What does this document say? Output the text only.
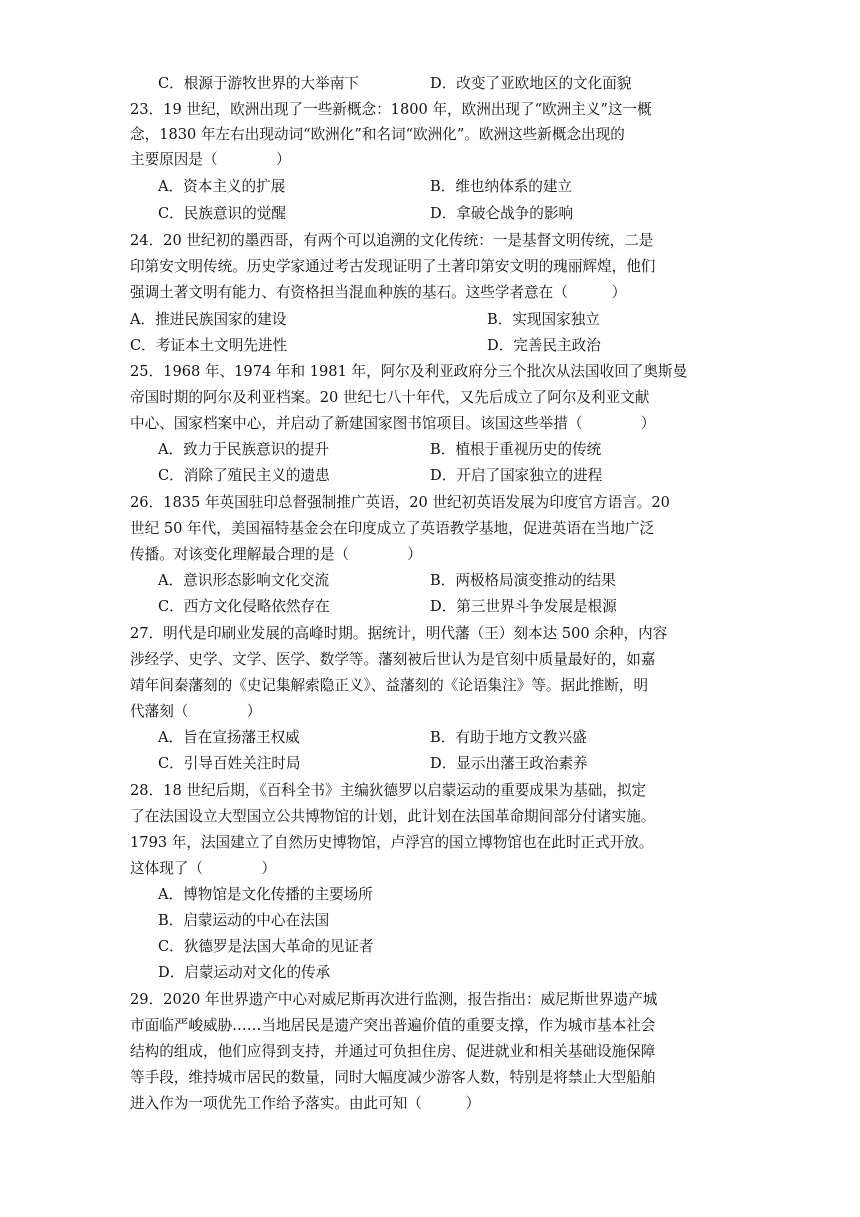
C．根源于游牧世界的大举南下	D．改变了亚欧地区的文化面貌
23．19 世纪，欧洲出现了一些新概念：1800 年，欧洲出现了“欧洲主义”这一概
念，1830 年左右出现动词“欧洲化”和名词“欧洲化”。欧洲这些新概念出现的
主要原因是（　　　　）
A．资本主义的扩展	B．维也纳体系的建立
C．民族意识的觉醒	D．拿破仑战争的影响
24．20 世纪初的墨西哥，有两个可以追溯的文化传统：一是基督文明传统，二是
印第安文明传统。历史学家通过考古发现证明了土著印第安文明的瑰丽辉煌，他们
强调土著文明有能力、有资格担当混血种族的基石。这些学者意在（　　　）
A．推进民族国家的建设	B．实现国家独立
C．考证本土文明先进性	D．完善民主政治
25．1968 年、1974 年和 1981 年，阿尔及利亚政府分三个批次从法国收回了奥斯曼
帝国时期的阿尔及利亚档案。20 世纪七八十年代，又先后成立了阿尔及利亚文献
中心、国家档案中心，并启动了新建国家图书馆项目。该国这些举措（　　　　）
A．致力于民族意识的提升	B．植根于重视历史的传统
C．消除了殖民主义的遗患	D．开启了国家独立的进程
26．1835 年英国驻印总督强制推广英语，20 世纪初英语发展为印度官方语言。20
世纪 50 年代，美国福特基金会在印度成立了英语教学基地，促进英语在当地广泛
传播。对该变化理解最合理的是（　　　　）
A．意识形态影响文化交流	B．两极格局演变推动的结果
C．西方文化侵略依然存在	D．第三世界斗争发展是根源
27．明代是印刷业发展的高峰时期。据统计，明代藩（王）刻本达 500 余种，内容
涉经学、史学、文学、医学、数学等。藩刻被后世认为是官刻中质量最好的，如嘉
靖年间秦藩刻的《史记集解索隐正义》、益藩刻的《论语集注》等。据此推断，明
代藩刻（　　　　）
A．旨在宣扬藩王权威	B．有助于地方文教兴盛
C．引导百姓关注时局	D．显示出藩王政治素养
28．18 世纪后期，《百科全书》主编狄德罗以启蒙运动的重要成果为基础，拟定
了在法国设立大型国立公共博物馆的计划，此计划在法国革命期间部分付诸实施。
1793 年，法国建立了自然历史博物馆，卢浮宫的国立博物馆也在此时正式开放。
这体现了（　　　　）
A．博物馆是文化传播的主要场所
B．启蒙运动的中心在法国
C．狄德罗是法国大革命的见证者
D．启蒙运动对文化的传承
29．2020 年世界遗产中心对威尼斯再次进行监测，报告指出：威尼斯世界遗产城
市面临严峻威胁……当地居民是遗产突出普遍价值的重要支撑，作为城市基本社会
结构的组成，他们应得到支持，并通过可负担住房、促进就业和相关基础设施保障
等手段，维持城市居民的数量，同时大幅度减少游客人数，特别是将禁止大型船舶
进入作为一项优先工作给予落实。由此可知（　　　）
